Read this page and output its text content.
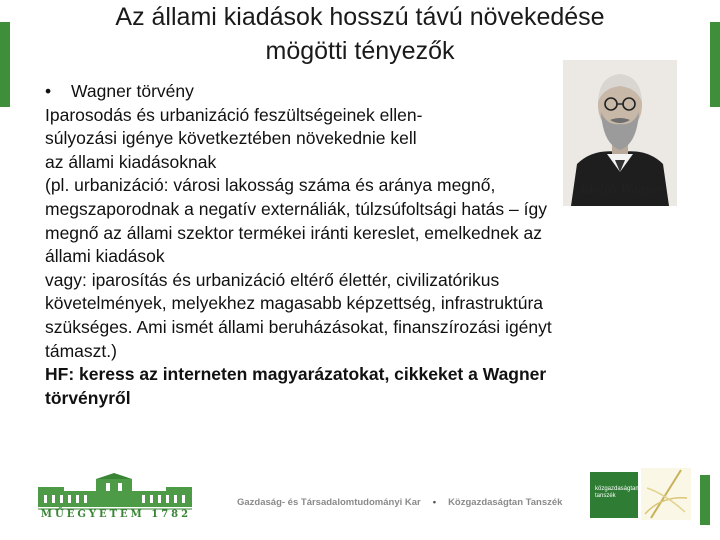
Az állami kiadások hosszú távú növekedése
mögötti tényezők
Adolph Wagner

• Wagner törvény

Iparosodás és urbanizáció feszültségeinek ellen-

súlyozási igénye következtében növekednie kell

az állami kiadásoknak

(pl. urbanizáció: városi lakosság száma és aránya megnő,

megszaporodnak a negatív externáliák, túlzsúfoltsági hatás – így

megnő az állami szektor termékei iránti kereslet, emelkednek az

állami kiadások

vagy: iparosítás és urbanizáció eltérő élettér, civilizatórikus

követelmények, melyekhez magasabb képzettség, infrastruktúra

szükséges. Ami ismét állami beruházásokat, finanszírozási igényt

támaszt.)

HF: keress az interneten magyarázatokat, cikkeket a Wagner

törvényről

MŰEGYETEM 1782
Gazdaság- és Társadalomtudományi Kar • Közgazdaságtan Tanszék
közgazdaságtan
tanszék
